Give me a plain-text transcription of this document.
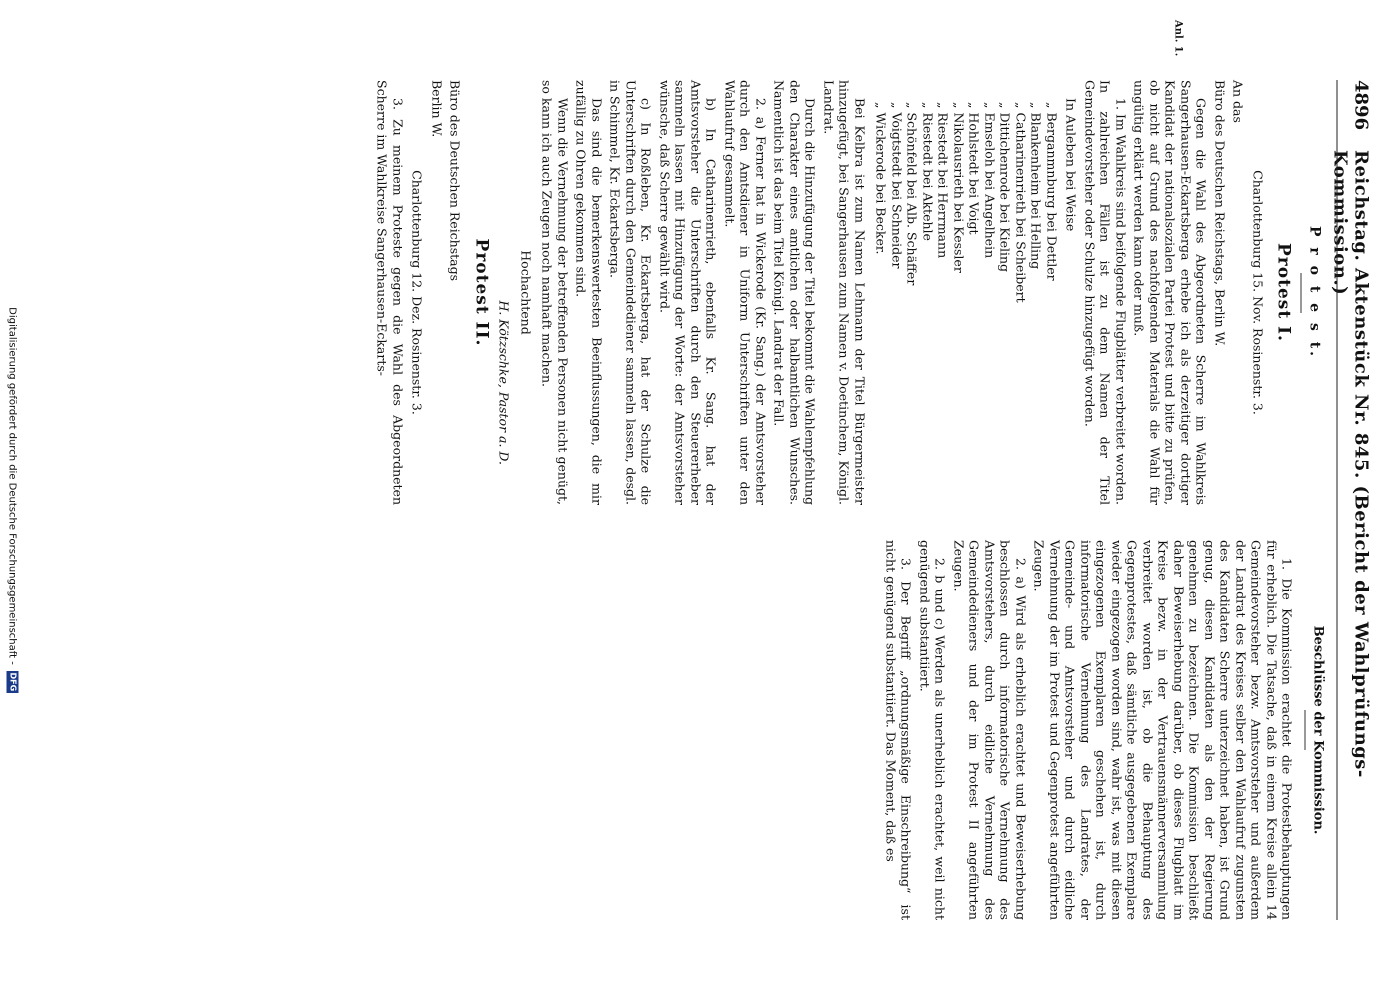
4896
Reichstag. Aktenstück Nr. 845. (Bericht der Wahlprüfungs-Kommission.)
Anl. 1.
P r o t e s t.
Protest I.
Charlottenburg 15. Nov. Rosinenstr. 3.
An das
Büro des Deutschen Reichstags, Berlin W.

Gegen die Wahl des Abgeordneten Scherre im Wahlkreis Sangerhausen-Eckartsberga erhebe ich als derzeitiger dortiger Kandidat der nationalsozialen Partei Protest und bitte zu prüfen, ob nicht auf Grund des nachfolgenden Materials die Wahl für ungültig erklärt werden kann oder muß.

1. Im Wahlkreis sind beifolgende Flugblätter verbreitet worden. In zahlreichen Fällen ist zu dem Namen der Titel Gemeindevorsteher oder Schulze hinzugefügt worden.

In Auleben bei Weise

„ Berganmnburg bei Dettler
„ Blankenheim bei Helling
„ Catharinenrieth bei Scheibert
„ Dittichenrode bei Kieling
„ Emseloh bei Angelhein
„ Hohlstedt bei Voigt
„ Nikolausrieth bei Kessler
„ Riestedt bei Herrmann
„ Riestedt bei Aktehle
„ Schönfeld bei Alb. Schäffer
„ Voigtstedt bei Schneider
„ Wickerode bei Becker.

Bei Kelbra ist zum Namen Lehmann der Titel Bürgermeister hinzugefügt, bei Sangerhausen zum Namen v. Doetinchem, Königl. Landrat.

Durch die Hinzufügung der Titel bekommt die Wahlempfehlung den Charakter eines amtlichen oder halbamtlichen Wunsches. Namentlich ist das beim Titel Königl. Landrat der Fall.

2. a) Ferner hat in Wickerode (Kr. Sang.) der Amtsvorsteher durch den Amtsdiener in Uniform Unterschriften unter den Wahlaufruf gesammelt.

b) In Catharinenrieth, ebenfalls Kr. Sang. hat der Amtsvorsteher die Unterschriften durch den Steuererheber sammeln lassen mit Hinzufügung der Worte: der Amtsvorsteher wünsche, daß Scherre gewählt wird.

c) In Roßleben, Kr. Eckartsberga, hat der Schulze die Unterschriften durch den Gemeindediener sammeln lassen, desgl. in Schimmel, Kr. Eckartsberga.

Das sind die bemerkenswertesten Beeinflussungen, die mir zufällig zu Ohren gekommen sind.

Wenn die Vernehmung der betreffenden Personen nicht genügt, so kann ich auch Zeugen noch namhaft machen.

Hochachtend
H. Kötzschke, Pastor a. D.
Protest II.
Büro des Deutschen Reichstags
Berlin W.
Charlottenburg 12. Dez. Rosinenstr. 3.

3. Zu meinem Proteste gegen die Wahl des Abgeordneten Scherre im Wahlkreise Sangerhausen-Eckarts-

Beschlüsse der Kommission.

1. Die Kommission erachtet die Protestbehauptungen für erheblich. Die Tatsache, daß in einem Kreise allein 14 Gemeindevorsteher bezw. Amtsvorsteher und außerdem der Landrat des Kreises selber den Wahlaufruf zugunsten des Kandidaten Scherre unterzeichnet haben, ist Grund genug, diesen Kandidaten als den der Regierung genehmen zu bezeichnen. Die Kommission beschließt daher Beweiserhebung darüber, ob dieses Flugblatt im Kreise bezw. in der Vertrauensmännerversammlung verbreitet worden ist, ob die Behauptung des Gegenprotestes, daß sämtliche ausgegebenen Exemplare wieder eingezogen worden sind, wahr ist, was mit diesen eingezogenen Exemplaren geschehen ist, durch informatorische Vernehmung des Landrates, der Gemeinde- und Amtsvorsteher und durch eidliche Vernehmung der im Protest und Gegenprotest angeführten Zeugen.

2. a) Wird als erheblich erachtet und Beweiserhebung beschlossen durch informatorische Vernehmung des Amtsvorstehers, durch eidliche Vernehmung des Gemeindedieners und der im Protest II angeführten Zeugen.

2. b und c) Werden als unerheblich erachtet, weil nicht genügend substantiiert.

3. Der Begriff „ordnungsmäßige Einschreibung“ ist nicht genügend substantiiert. Das Moment, daß es

Digitalisierung gefördert durch die Deutsche Forschungsgemeinschaft -
DFG
